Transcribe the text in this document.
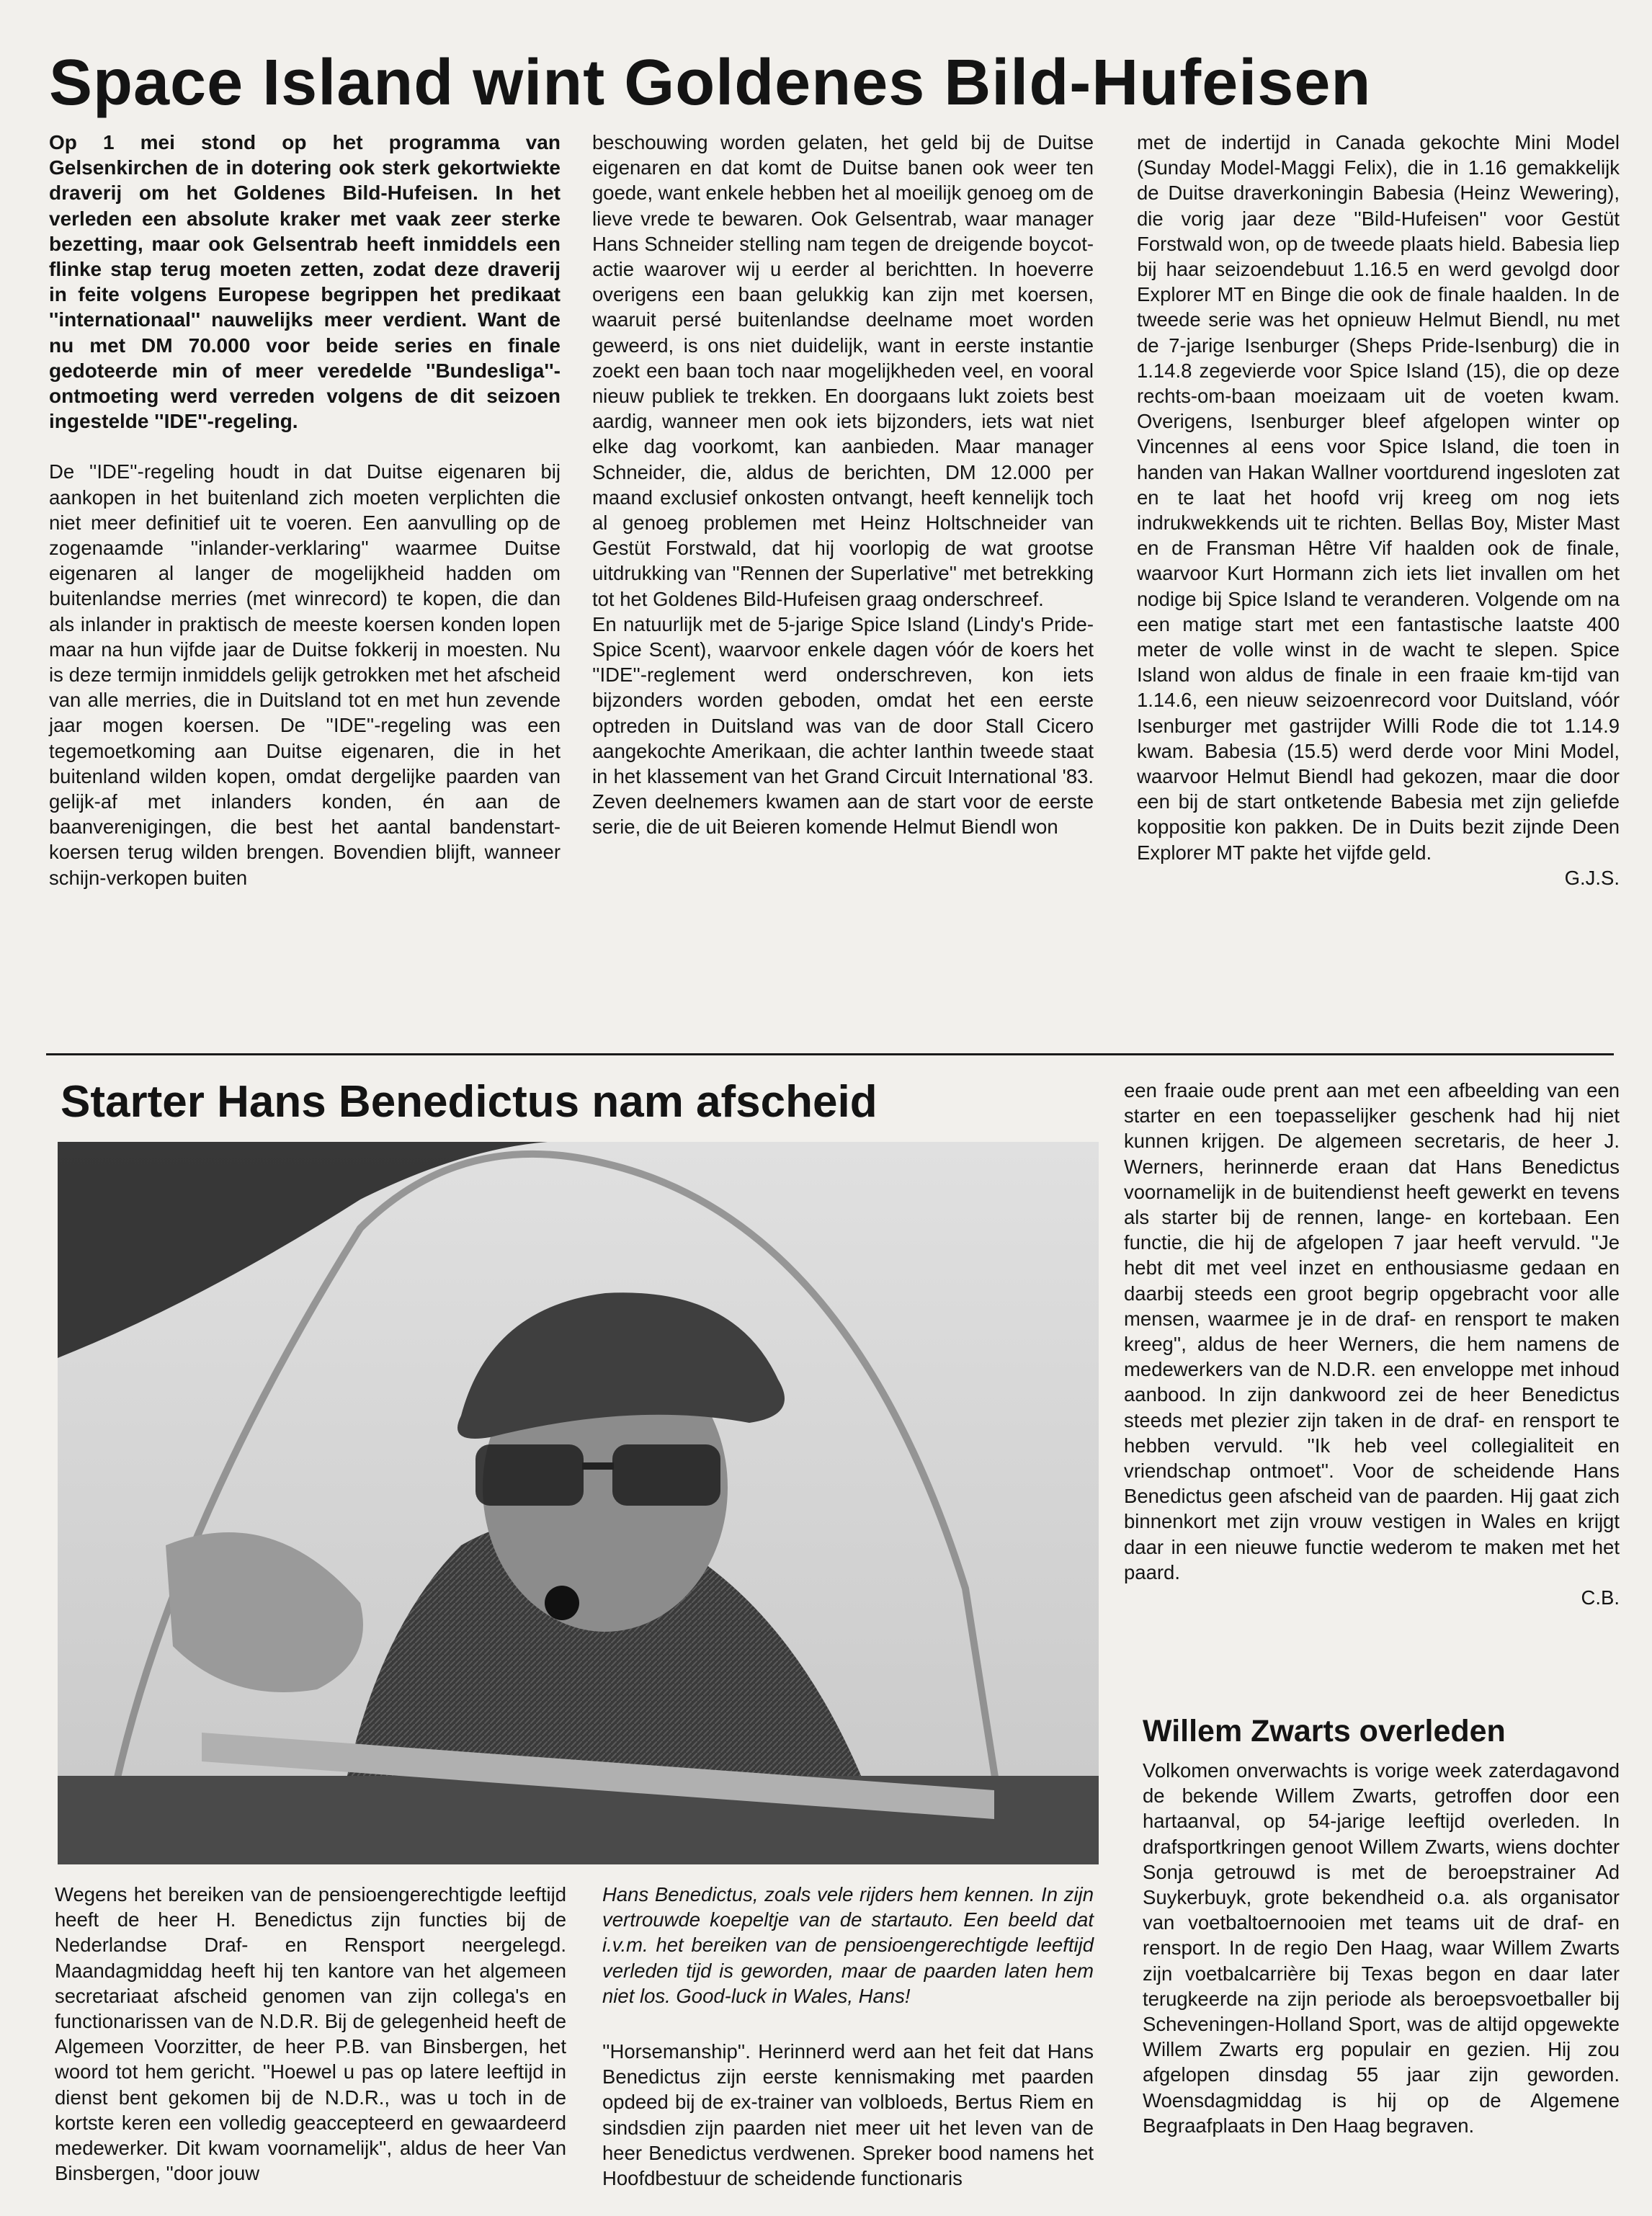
Space Island wint Goldenes Bild-Hufeisen

Op 1 mei stond op het programma van Gelsenkirchen de in dotering ook sterk gekortwiekte draverij om het Goldenes Bild-Hufeisen. In het verleden een absolute kraker met vaak zeer sterke bezetting, maar ook Gelsentrab heeft inmiddels een flinke stap terug moeten zetten, zodat deze draverij in feite volgens Europese begrippen het predikaat ''internationaal'' nauwelijks meer verdient. Want de nu met DM 70.000 voor beide series en finale gedoteerde min of meer veredelde ''Bundesliga''-ontmoeting werd verreden volgens de dit seizoen ingestelde ''IDE''-regeling.

De ''IDE''-regeling houdt in dat Duitse eigenaren bij aankopen in het buitenland zich moeten verplichten die niet meer definitief uit te voeren. Een aanvulling op de zogenaamde ''inlander-verklaring'' waarmee Duitse eigenaren al langer de mogelijkheid hadden om buitenlandse merries (met winrecord) te kopen, die dan als inlander in praktisch de meeste koersen konden lopen maar na hun vijfde jaar de Duitse fokkerij in moesten. Nu is deze termijn inmiddels gelijk getrokken met het afscheid van alle merries, die in Duitsland tot en met hun zevende jaar mogen koersen. De ''IDE''-regeling was een tegemoetkoming aan Duitse eigenaren, die in het buitenland wilden kopen, omdat dergelijke paarden van gelijk-af met inlanders konden, én aan de baanverenigingen, die best het aantal bandenstart-koersen terug wilden brengen. Bovendien blijft, wanneer schijn-verkopen buiten

beschouwing worden gelaten, het geld bij de Duitse eigenaren en dat komt de Duitse banen ook weer ten goede, want enkele hebben het al moeilijk genoeg om de lieve vrede te bewaren. Ook Gelsentrab, waar manager Hans Schneider stelling nam tegen de dreigende boycot-actie waarover wij u eerder al berichtten. In hoeverre overigens een baan gelukkig kan zijn met koersen, waaruit persé buitenlandse deelname moet worden geweerd, is ons niet duidelijk, want in eerste instantie zoekt een baan toch naar mogelijkheden veel, en vooral nieuw publiek te trekken. En doorgaans lukt zoiets best aardig, wanneer men ook iets bijzonders, iets wat niet elke dag voorkomt, kan aanbieden. Maar manager Schneider, die, aldus de berichten, DM 12.000 per maand exclusief onkosten ontvangt, heeft kennelijk toch al genoeg problemen met Heinz Holtschneider van Gestüt Forstwald, dat hij voorlopig de wat grootse uitdrukking van ''Rennen der Superlative'' met betrekking tot het Goldenes Bild-Hufeisen graag onderschreef.

En natuurlijk met de 5-jarige Spice Island (Lindy's Pride-Spice Scent), waarvoor enkele dagen vóór de koers het ''IDE''-reglement werd onderschreven, kon iets bijzonders worden geboden, omdat het een eerste optreden in Duitsland was van de door Stall Cicero aangekochte Amerikaan, die achter Ianthin tweede staat in het klassement van het Grand Circuit International '83. Zeven deelnemers kwamen aan de start voor de eerste serie, die de uit Beieren komende Helmut Biendl won

met de indertijd in Canada gekochte Mini Model (Sunday Model-Maggi Felix), die in 1.16 gemakkelijk de Duitse draverkoningin Babesia (Heinz Wewering), die vorig jaar deze ''Bild-Hufeisen'' voor Gestüt Forstwald won, op de tweede plaats hield. Babesia liep bij haar seizoendebuut 1.16.5 en werd gevolgd door Explorer MT en Binge die ook de finale haalden. In de tweede serie was het opnieuw Helmut Biendl, nu met de 7-jarige Isenburger (Sheps Pride-Isenburg) die in 1.14.8 zegevierde voor Spice Island (15), die op deze rechts-om-baan moeizaam uit de voeten kwam. Overigens, Isenburger bleef afgelopen winter op Vincennes al eens voor Spice Island, die toen in handen van Hakan Wallner voortdurend ingesloten zat en te laat het hoofd vrij kreeg om nog iets indrukwekkends uit te richten. Bellas Boy, Mister Mast en de Fransman Hêtre Vif haalden ook de finale, waarvoor Kurt Hormann zich iets liet invallen om het nodige bij Spice Island te veranderen. Volgende om na een matige start met een fantastische laatste 400 meter de volle winst in de wacht te slepen. Spice Island won aldus de finale in een fraaie km-tijd van 1.14.6, een nieuw seizoenrecord voor Duitsland, vóór Isenburger met gastrijder Willi Rode die tot 1.14.9 kwam. Babesia (15.5) werd derde voor Mini Model, waarvoor Helmut Biendl had gekozen, maar die door een bij de start ontketende Babesia met zijn geliefde koppositie kon pakken. De in Duits bezit zijnde Deen Explorer MT pakte het vijfde geld.

G.J.S.

Starter Hans Benedictus nam afscheid

Wegens het bereiken van de pensioengerechtigde leeftijd heeft de heer H. Benedictus zijn functies bij de Nederlandse Draf- en Rensport neergelegd. Maandagmiddag heeft hij ten kantore van het algemeen secretariaat afscheid genomen van zijn collega's en functionarissen van de N.D.R. Bij de gelegenheid heeft de Algemeen Voorzitter, de heer P.B. van Binsbergen, het woord tot hem gericht. ''Hoewel u pas op latere leeftijd in dienst bent gekomen bij de N.D.R., was u toch in de kortste keren een volledig geaccepteerd en gewaardeerd medewerker. Dit kwam voornamelijk'', aldus de heer Van Binsbergen, ''door jouw

Hans Benedictus, zoals vele rijders hem kennen. In zijn vertrouwde koepeltje van de startauto. Een beeld dat i.v.m. het bereiken van de pensioengerechtigde leeftijd verleden tijd is geworden, maar de paarden laten hem niet los. Good-luck in Wales, Hans!

''Horsemanship''. Herinnerd werd aan het feit dat Hans Benedictus zijn eerste kennismaking met paarden opdeed bij de ex-trainer van volbloeds, Bertus Riem en sindsdien zijn paarden niet meer uit het leven van de heer Benedictus verdwenen. Spreker bood namens het Hoofdbestuur de scheidende functionaris

een fraaie oude prent aan met een afbeelding van een starter en een toepasselijker geschenk had hij niet kunnen krijgen. De algemeen secretaris, de heer J. Werners, herinnerde eraan dat Hans Benedictus voornamelijk in de buitendienst heeft gewerkt en tevens als starter bij de rennen, lange- en kortebaan. Een functie, die hij de afgelopen 7 jaar heeft vervuld. ''Je hebt dit met veel inzet en enthousiasme gedaan en daarbij steeds een groot begrip opgebracht voor alle mensen, waarmee je in de draf- en rensport te maken kreeg'', aldus de heer Werners, die hem namens de medewerkers van de N.D.R. een enveloppe met inhoud aanbood. In zijn dankwoord zei de heer Benedictus steeds met plezier zijn taken in de draf- en rensport te hebben vervuld. ''Ik heb veel collegialiteit en vriendschap ontmoet''. Voor de scheidende Hans Benedictus geen afscheid van de paarden. Hij gaat zich binnenkort met zijn vrouw vestigen in Wales en krijgt daar in een nieuwe functie wederom te maken met het paard.

C.B.

Willem Zwarts overleden

Volkomen onverwachts is vorige week zaterdagavond de bekende Willem Zwarts, getroffen door een hartaanval, op 54-jarige leeftijd overleden. In drafsportkringen genoot Willem Zwarts, wiens dochter Sonja getrouwd is met de beroepstrainer Ad Suykerbuyk, grote bekendheid o.a. als organisator van voetbaltoernooien met teams uit de draf- en rensport. In de regio Den Haag, waar Willem Zwarts zijn voetbalcarrière bij Texas begon en daar later terugkeerde na zijn periode als beroepsvoetballer bij Scheveningen-Holland Sport, was de altijd opgewekte Willem Zwarts erg populair en gezien. Hij zou afgelopen dinsdag 55 jaar zijn geworden. Woensdagmiddag is hij op de Algemene Begraafplaats in Den Haag begraven.
